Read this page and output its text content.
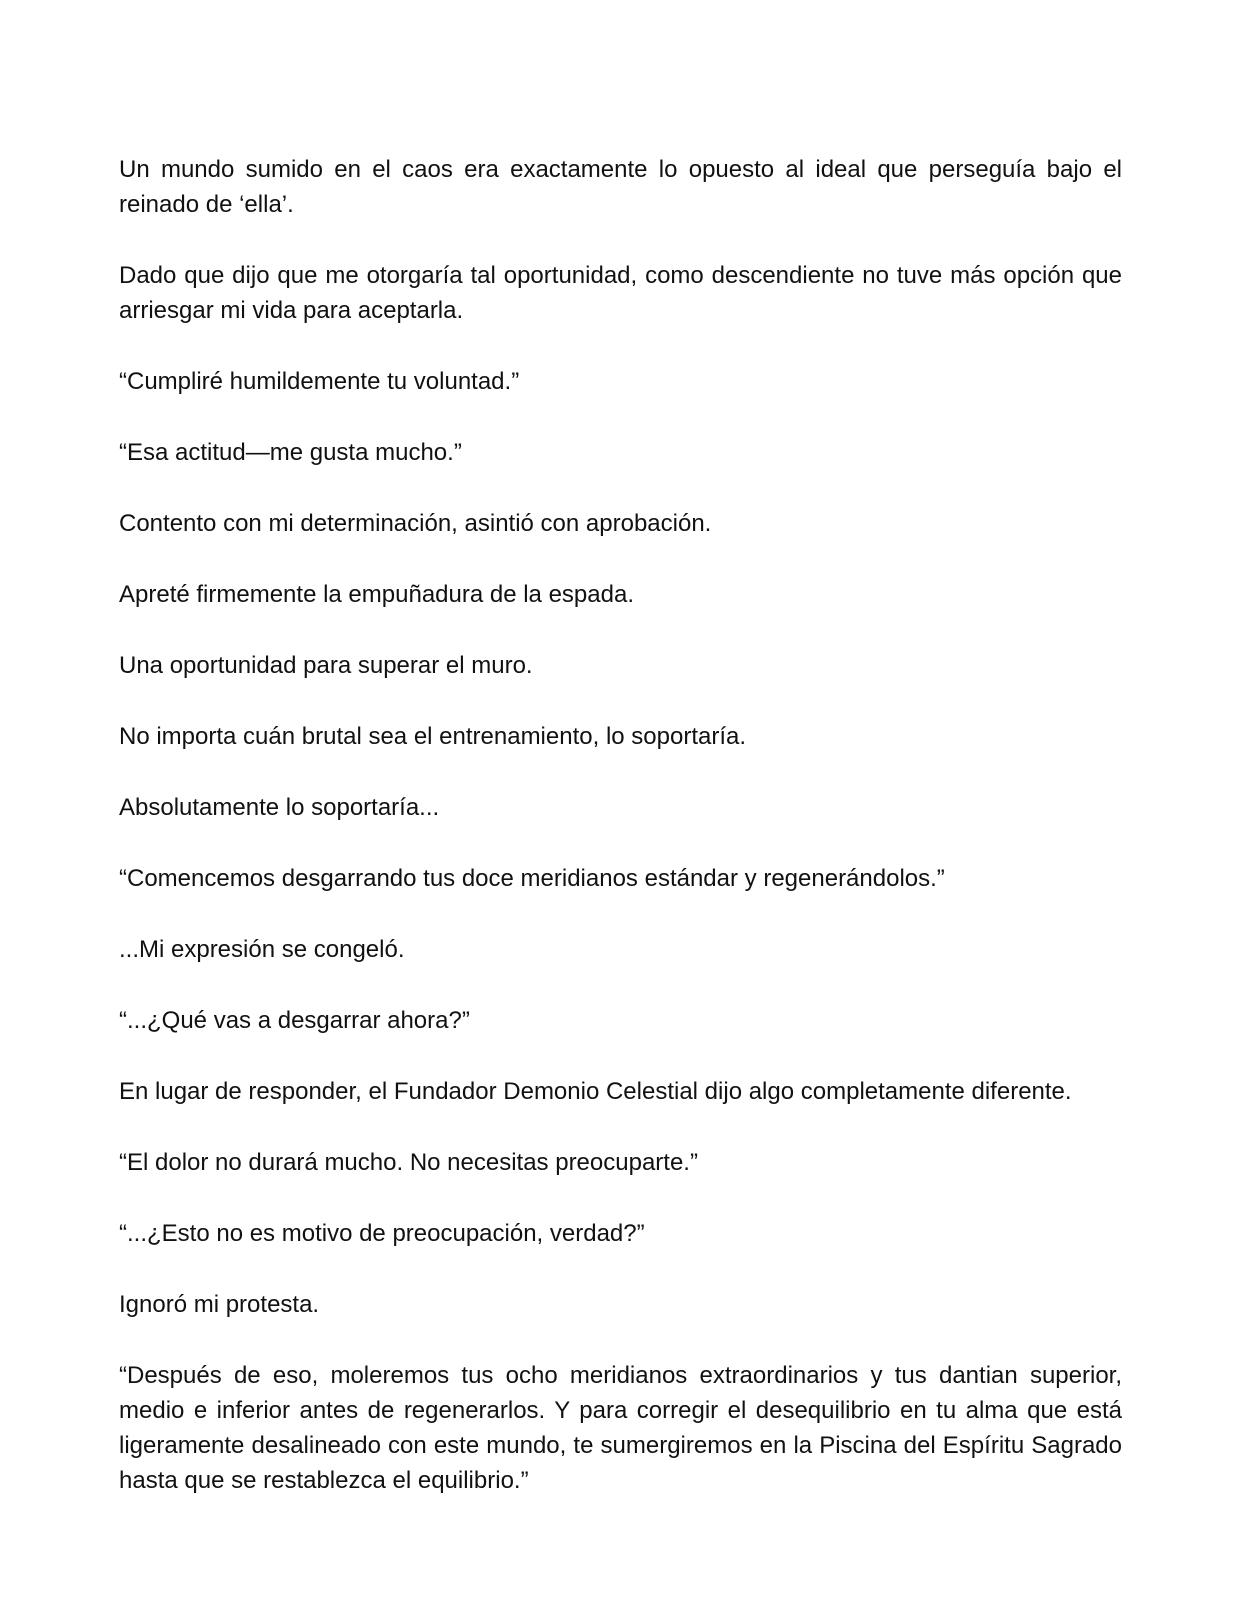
Un mundo sumido en el caos era exactamente lo opuesto al ideal que perseguía bajo el reinado de ‘ella’.

Dado que dijo que me otorgaría tal oportunidad, como descendiente no tuve más opción que arriesgar mi vida para aceptarla.

“Cumpliré humildemente tu voluntad.”

“Esa actitud—me gusta mucho.”

Contento con mi determinación, asintió con aprobación.

Apreté firmemente la empuñadura de la espada.

Una oportunidad para superar el muro.

No importa cuán brutal sea el entrenamiento, lo soportaría.

Absolutamente lo soportaría...

“Comencemos desgarrando tus doce meridianos estándar y regenerándolos.”

...Mi expresión se congeló.

“...¿Qué vas a desgarrar ahora?”

En lugar de responder, el Fundador Demonio Celestial dijo algo completamente diferente.

“El dolor no durará mucho. No necesitas preocuparte.”

“...¿Esto no es motivo de preocupación, verdad?”

Ignoró mi protesta.

“Después de eso, moleremos tus ocho meridianos extraordinarios y tus dantian superior, medio e inferior antes de regenerarlos. Y para corregir el desequilibrio en tu alma que está ligeramente desalineado con este mundo, te sumergiremos en la Piscina del Espíritu Sagrado hasta que se restablezca el equilibrio.”
